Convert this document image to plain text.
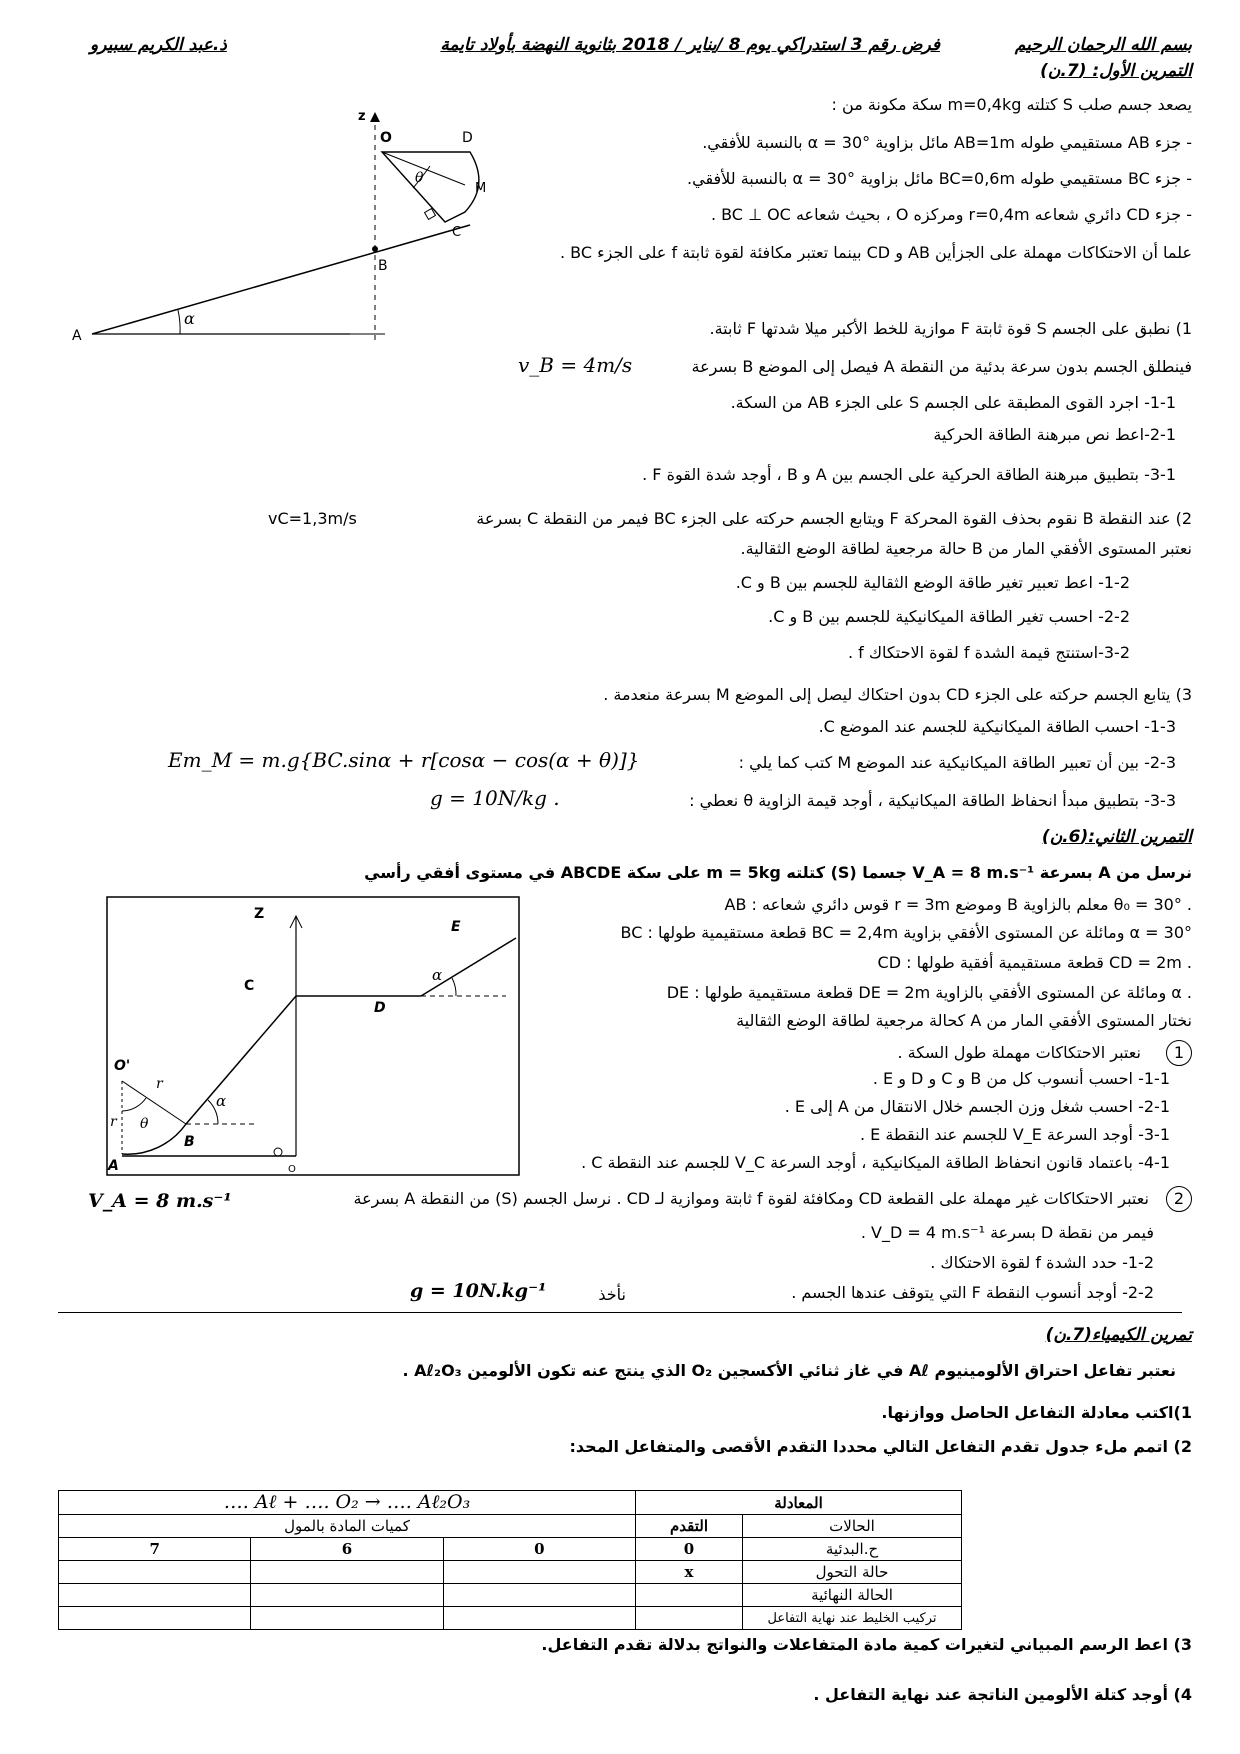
بسم الله الرحمان الرحيم
فرض رقم 3 استدراكي يوم 8 /يناير / 2018 بثانوية النهضة بأولاد تايمة
ذ.عبد الكريم سبيرو
التمرين الأول: (7.ن)
يصعد جسم صلب S كتلته m=0,4kg سكة مكونة من :
- جزء AB مستقيمي طوله AB=1m مائل بزاوية α = 30° بالنسبة للأفقي.
- جزء BC مستقيمي طوله BC=0,6m مائل بزاوية α = 30° بالنسبة للأفقي.
- جزء CD دائري شعاعه r=0,4m ومركزه O ، بحيث شعاعه BC ⊥ OC .
علما أن الاحتكاكات مهملة على الجزأين AB و CD بينما تعتبر مكافئة لقوة ثابتة f على الجزء BC .
O	D
θ
M
C
B
A
α
z
1) نطبق على الجسم S قوة ثابتة F موازية للخط الأكبر ميلا شدتها F ثابتة.
فينطلق الجسم بدون سرعة بدئية من النقطة A فيصل إلى الموضع B بسرعة
v_B = 4m/s
1-1- اجرد القوى المطبقة على الجسم S على الجزء AB من السكة.
2-1-اعط نص مبرهنة الطاقة الحركية
3-1- بتطبيق مبرهنة الطاقة الحركية على الجسم بين A و B ، أوجد شدة القوة F .
2) عند النقطة B نقوم بحذف القوة المحركة F ويتابع الجسم حركته على الجزء BC فيمر من النقطة C بسرعة
vC=1,3m/s
نعتبر المستوى الأفقي المار من B حالة مرجعية لطاقة الوضع الثقالية.
1-2- اعط تعبير تغير طاقة الوضع الثقالية للجسم بين B و C.
2-2- احسب تغير الطاقة الميكانيكية للجسم بين B و C.
3-2-استنتج قيمة الشدة f لقوة الاحتكاك f .
3) يتابع الجسم حركته على الجزء CD بدون احتكاك ليصل إلى الموضع M بسرعة منعدمة .
1-3- احسب الطاقة الميكانيكية للجسم عند الموضع C.
2-3- بين أن تعبير الطاقة الميكانيكية عند الموضع M كتب كما يلي :
Em_M = m.g{BC.sinα + r[cosα − cos(α + θ)]}
3-3- بتطبيق مبدأ انحفاظ الطاقة الميكانيكية ، أوجد قيمة الزاوية θ نعطي :
g = 10N/kg .
التمرين الثاني:(6.ن)
نرسل من A بسرعة V_A = 8 m.s⁻¹ جسما (S) كتلته m = 5kg على سكة ABCDE في مستوى أفقي رأسي
AB : قوس دائري شعاعه r = 3m وموضع B معلم بالزاوية θ₀ = 30° .
BC : قطعة مستقيمية طولها BC = 2,4m ومائلة عن المستوى الأفقي بزاوية α = 30°
CD : قطعة مستقيمية أفقية طولها CD = 2m .
DE : قطعة مستقيمية طولها DE = 2m ومائلة عن المستوى الأفقي بالزاوية α .
نختار المستوى الأفقي المار من A كحالة مرجعية لطاقة الوضع الثقالية
1 نعتبر الاحتكاكات مهملة طول السكة .
1-1- احسب أنسوب كل من B و C و D و E .
2-1- احسب شغل وزن الجسم خلال الانتقال من A إلى E .
3-1- أوجد السرعة V_E للجسم عند النقطة E .
4-1- باعتماد قانون انحفاظ الطاقة الميكانيكية ، أوجد السرعة V_C للجسم عند النقطة C .
Z
E
C
D
α
O'
r
r θ
B
α
A	O
2 نعتبر الاحتكاكات غير مهملة على القطعة CD ومكافئة لقوة f ثابتة وموازية لـ CD . نرسل الجسم (S) من النقطة A بسرعة
V_A = 8 m.s⁻¹
فيمر من نقطة D بسرعة V_D = 4 m.s⁻¹ .
1-2- حدد الشدة f لقوة الاحتكاك .
2-2- أوجد أنسوب النقطة F التي يتوقف عندها الجسم .
نأخذ
g = 10N.kg⁻¹
تمرين الكيمياء(7.ن)
نعتبر تفاعل احتراق الألومينيوم Aℓ في غاز ثنائي الأكسجين O₂ الذي ينتج عنه تكون الألومين Aℓ₂O₃ .
1)اكتب معادلة التفاعل الحاصل ووازنها.
2) اتمم ملء جدول تقدم التفاعل التالي محددا التقدم الأقصى والمتفاعل المحد:
…. Aℓ + …. O₂ → …. Aℓ₂O₃			المعادلة	
كميات المادة بالمول			التقدم	الحالات
7	6	0	0	ح.البدئية
			x	حالة التحول
				الحالة النهائية
				تركيب الخليط عند نهاية التفاعل
3) اعط الرسم المبياني لتغيرات كمية مادة المتفاعلات والنواتج بدلالة تقدم التفاعل.
4) أوجد كتلة الألومين الناتجة عند نهاية التفاعل .
